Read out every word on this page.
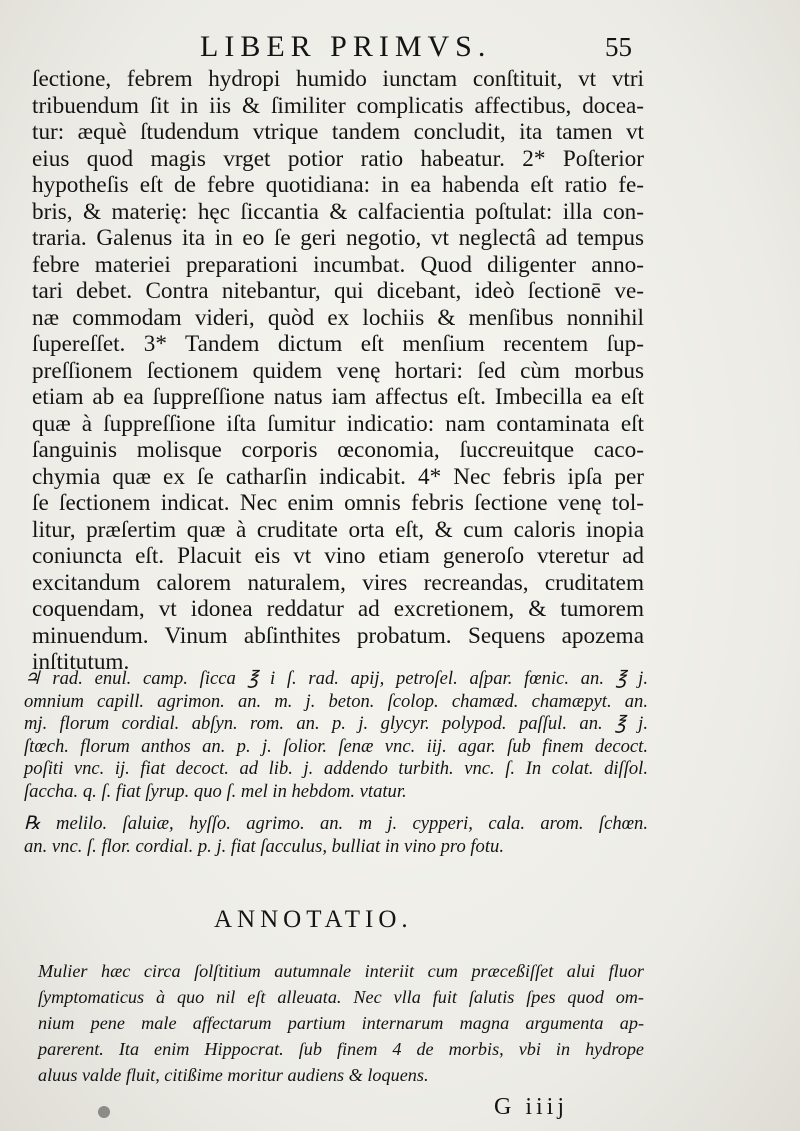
LIBER PRIMVS.	55
ſectione, febrem hydropi humido iunctam conſtituit, vt vtri
tribuendum ſit in iis & ſimiliter complicatis affectibus, docea-
tur: æquè ſtudendum vtrique tandem concludit, ita tamen vt
eius quod magis vrget potior ratio habeatur. 2* Poſterior
hypotheſis eſt de febre quotidiana: in ea habenda eſt ratio fe-
bris, & materię: hęc ſiccantia & calfacientia poſtulat: illa con-
traria. Galenus ita in eo ſe geri negotio, vt neglectâ ad tempus
febre materiei preparationi incumbat. Quod diligenter anno-
tari debet. Contra nitebantur, qui dicebant, ideò ſectionē ve-
næ commodam videri, quòd ex lochiis & menſibus nonnihil
ſupereſſet. 3* Tandem dictum eſt menſium recentem ſup-
preſſionem ſectionem quidem venę hortari: ſed cùm morbus
etiam ab ea ſuppreſſione natus iam affectus eſt. Imbecilla ea eſt
quæ à ſuppreſſione iſta ſumitur indicatio: nam contaminata eſt
ſanguinis molisque corporis œconomia, ſuccreuitque caco-
chymia quæ ex ſe catharſin indicabit. 4* Nec febris ipſa per
ſe ſectionem indicat. Nec enim omnis febris ſectione venę tol-
litur, præſertim quæ à cruditate orta eſt, & cum caloris inopia
coniuncta eſt. Placuit eis vt vino etiam generoſo vteretur ad
excitandum calorem naturalem, vires recreandas, cruditatem
coquendam, vt idonea reddatur ad excretionem, & tumorem
minuendum. Vinum abſinthites probatum. Sequens apozema
inſtitutum.
♃ rad. enul. camp. ſicca ℥ i ſ. rad. apij, petroſel. aſpar. fœnic. an. ℥ j.
omnium capill. agrimon. an. m. j. beton. ſcolop. chamæd. chamæpyt. an.
mj. florum cordial. abſyn. rom. an. p. j. glycyr. polypod. paſſul. an. ℥ j.
ſtœch. florum anthos an. p. j. ſolior. ſenæ vnc. iij. agar. ſub finem decoct.
poſiti vnc. ij. fiat decoct. ad lib. j. addendo turbith. vnc. ſ. In colat. diſſol.
ſaccha. q. ſ. fiat ſyrup. quo ſ. mel in hebdom. vtatur.
℞ melilo. ſaluiæ, hyſſo. agrimo. an. m j. cypperi, cala. arom. ſchœn.
an. vnc. ſ. flor. cordial. p. j. fiat ſacculus, bulliat in vino pro fotu.
ANNOTATIO.
Mulier hæc circa ſolſtitium autumnale interiit cum præceßiſſet alui fluor
ſymptomaticus à quo nil eſt alleuata. Nec vlla fuit ſalutis ſpes quod om-
nium pene male affectarum partium internarum magna argumenta ap-
parerent. Ita enim Hippocrat. ſub finem 4 de morbis, vbi in hydrope
aluus valde fluit, citißime moritur audiens & loquens.
G iiij
